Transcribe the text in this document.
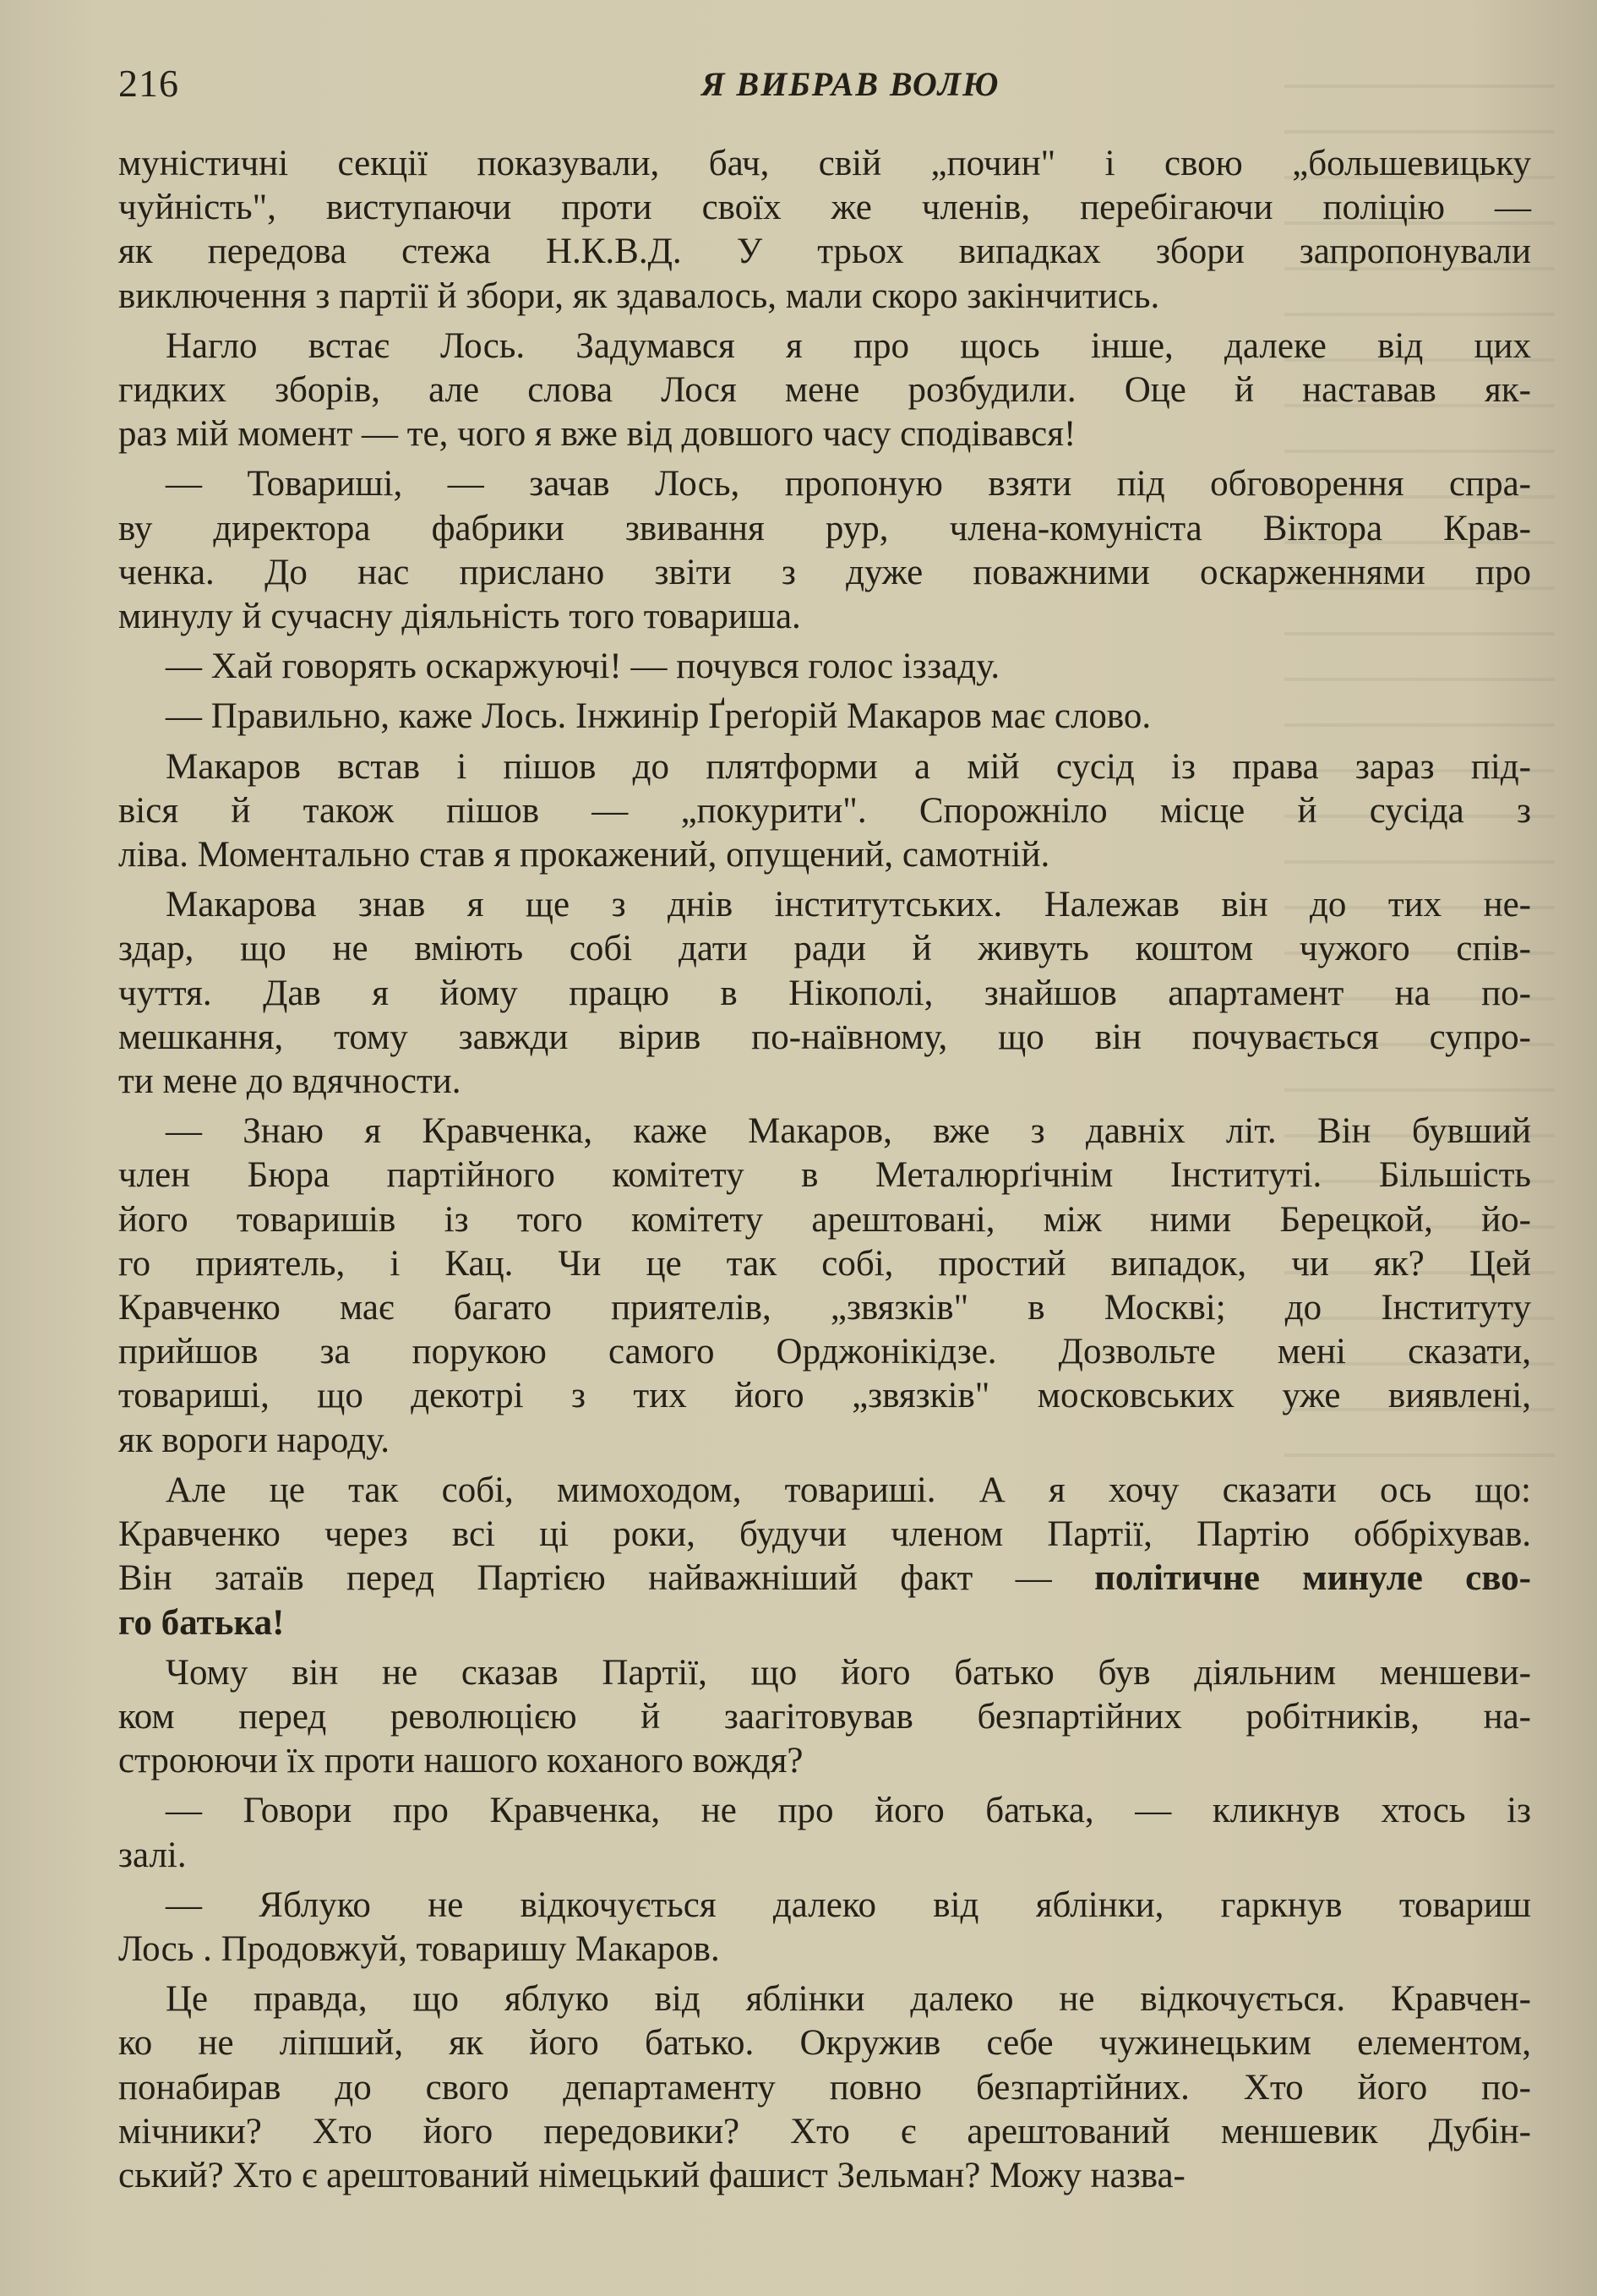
216	Я ВИБРАВ ВОЛЮ
муністичні секції показували, бач, свій „почин" і свою „большевицьку
чуйність", виступаючи проти своїх же членів, перебігаючи поліцію —
як передова стежа Н.К.В.Д. У трьох випадках збори запропонували
виключення з партії й збори, як здавалось, мали скоро закінчитись.
Нагло встає Лось. Задумався я про щось інше, далеке від цих
гидких зборів, але слова Лося мене розбудили. Оце й наставав як-
раз мій момент — те, чого я вже від довшого часу сподівався!
— Товариші, — зачав Лось, пропоную взяти під обговорення спра-
ву директора фабрики звивання рур, члена-комуніста Віктора Крав-
ченка. До нас прислано звіти з дуже поважними оскарженнями про
минулу й сучасну діяльність того товариша.
— Хай говорять оскаржуючі! — почувся голос іззаду.
— Правильно, каже Лось. Інжинір Ґреґорій Макаров має слово.
Макаров встав і пішов до плятформи а мій сусід із права зараз під-
віся й також пішов — „покурити". Спорожніло місце й сусіда з
ліва. Моментально став я прокажений, опущений, самотній.
Макарова знав я ще з днів інститутських. Належав він до тих не-
здар, що не вміють собі дати ради й живуть коштом чужого спів-
чуття. Дав я йому працю в Нікополі, знайшов апартамент на по-
мешкання, тому завжди вірив по-наївному, що він почувається супро-
ти мене до вдячности.
— Знаю я Кравченка, каже Макаров, вже з давніх літ. Він бувший
член Бюра партійного комітету в Металюрґічнім Інституті. Більшість
його товаришів із того комітету арештовані, між ними Берецкой, йо-
го приятель, і Кац. Чи це так собі, простий випадок, чи як? Цей
Кравченко має багато приятелів, „звязків" в Москві; до Інституту
прийшов за порукою самого Орджонікідзе. Дозвольте мені сказати,
товариші, що декотрі з тих його „звязків" московських уже виявлені,
як вороги народу.
Але це так собі, мимоходом, товариші. А я хочу сказати ось що:
Кравченко через всі ці роки, будучи членом Партії, Партію оббріхував.
Він затаїв перед Партією найважніший факт — політичне минуле сво-
го батька!
Чому він не сказав Партії, що його батько був діяльним меншеви-
ком перед революцією й заагітовував безпартійних робітників, на-
строюючи їх проти нашого коханого вождя?
— Говори про Кравченка, не про його батька, — кликнув хтось із
залі.
— Яблуко не відкочується далеко від яблінки, гаркнув товариш
Лось . Продовжуй, товаришу Макаров.
Це правда, що яблуко від яблінки далеко не відкочується. Кравчен-
ко не ліпший, як його батько. Окружив себе чужинецьким елементом,
понабирав до свого департаменту повно безпартійних. Хто його по-
мічники? Хто його передовики? Хто є арештований меншевик Дубін-
ський? Хто є арештований німецький фашист Зельман? Можу назва-
